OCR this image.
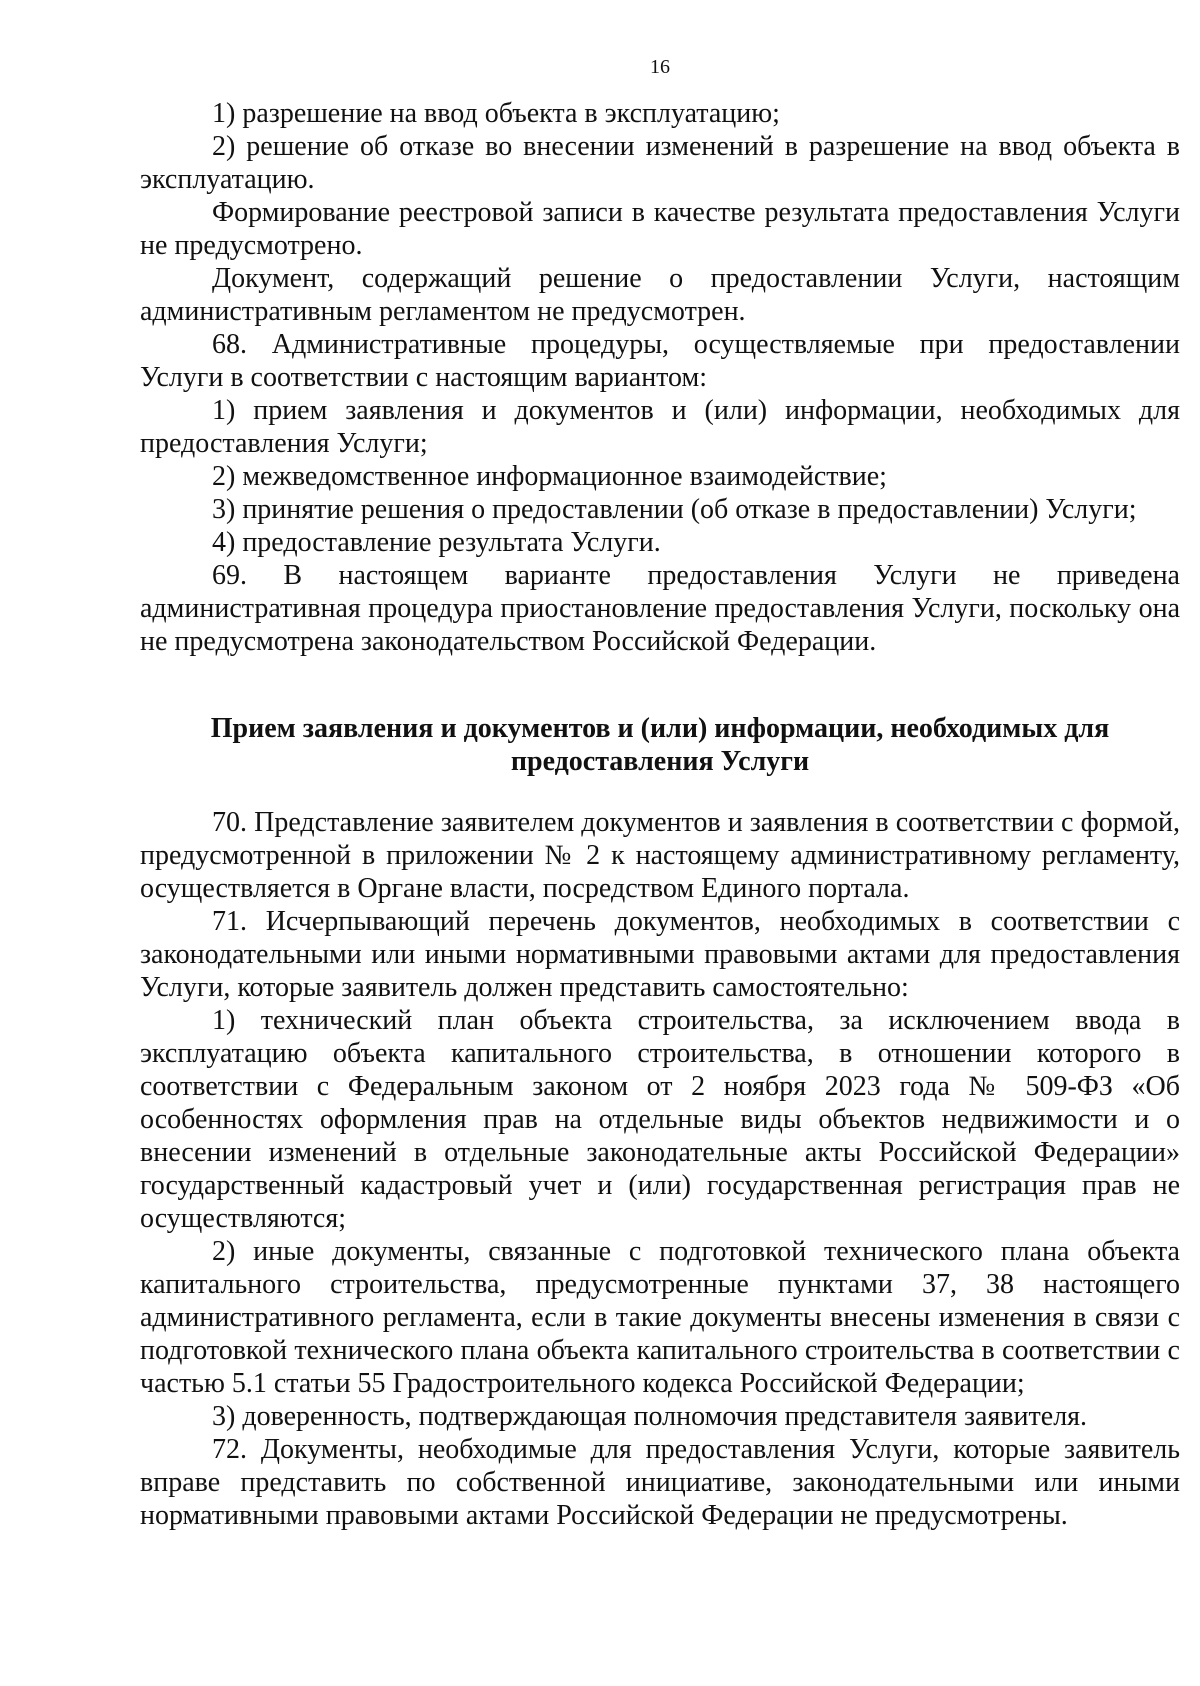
16

1) разрешение на ввод объекта в эксплуатацию;

2) решение об отказе во внесении изменений в разрешение на ввод объекта в эксплуатацию.

Формирование реестровой записи в качестве результата предоставления Услуги не предусмотрено.

Документ, содержащий решение о предоставлении Услуги, настоящим административным регламентом не предусмотрен.

68. Административные процедуры, осуществляемые при предоставлении Услуги в соответствии с настоящим вариантом:

1) прием заявления и документов и (или) информации, необходимых для предоставления Услуги;

2) межведомственное информационное взаимодействие;

3) принятие решения о предоставлении (об отказе в предоставлении) Услуги;

4) предоставление результата Услуги.

69. В настоящем варианте предоставления Услуги не приведена административная процедура приостановление предоставления Услуги, поскольку она не предусмотрена законодательством Российской Федерации.

Прием заявления и документов и (или) информации, необходимых для
предоставления Услуги

70. Представление заявителем документов и заявления в соответствии с формой, предусмотренной в приложении № 2 к настоящему административному регламенту, осуществляется в Органе власти, посредством Единого портала.

71. Исчерпывающий перечень документов, необходимых в соответствии с законодательными или иными нормативными правовыми актами для предоставления Услуги, которые заявитель должен представить самостоятельно:

1) технический план объекта строительства, за исключением ввода в эксплуатацию объекта капитального строительства, в отношении которого в соответствии с Федеральным законом от 2 ноября 2023 года № 509-ФЗ «Об особенностях оформления прав на отдельные виды объектов недвижимости и о внесении изменений в отдельные законодательные акты Российской Федерации» государственный кадастровый учет и (или) государственная регистрация прав не осуществляются;

2) иные документы, связанные с подготовкой технического плана объекта капитального строительства, предусмотренные пунктами 37, 38 настоящего административного регламента, если в такие документы внесены изменения в связи с подготовкой технического плана объекта капитального строительства в соответствии с частью 5.1 статьи 55 Градостроительного кодекса Российской Федерации;

3) доверенность, подтверждающая полномочия представителя заявителя.

72. Документы, необходимые для предоставления Услуги, которые заявитель вправе представить по собственной инициативе, законодательными или иными нормативными правовыми актами Российской Федерации не предусмотрены.
